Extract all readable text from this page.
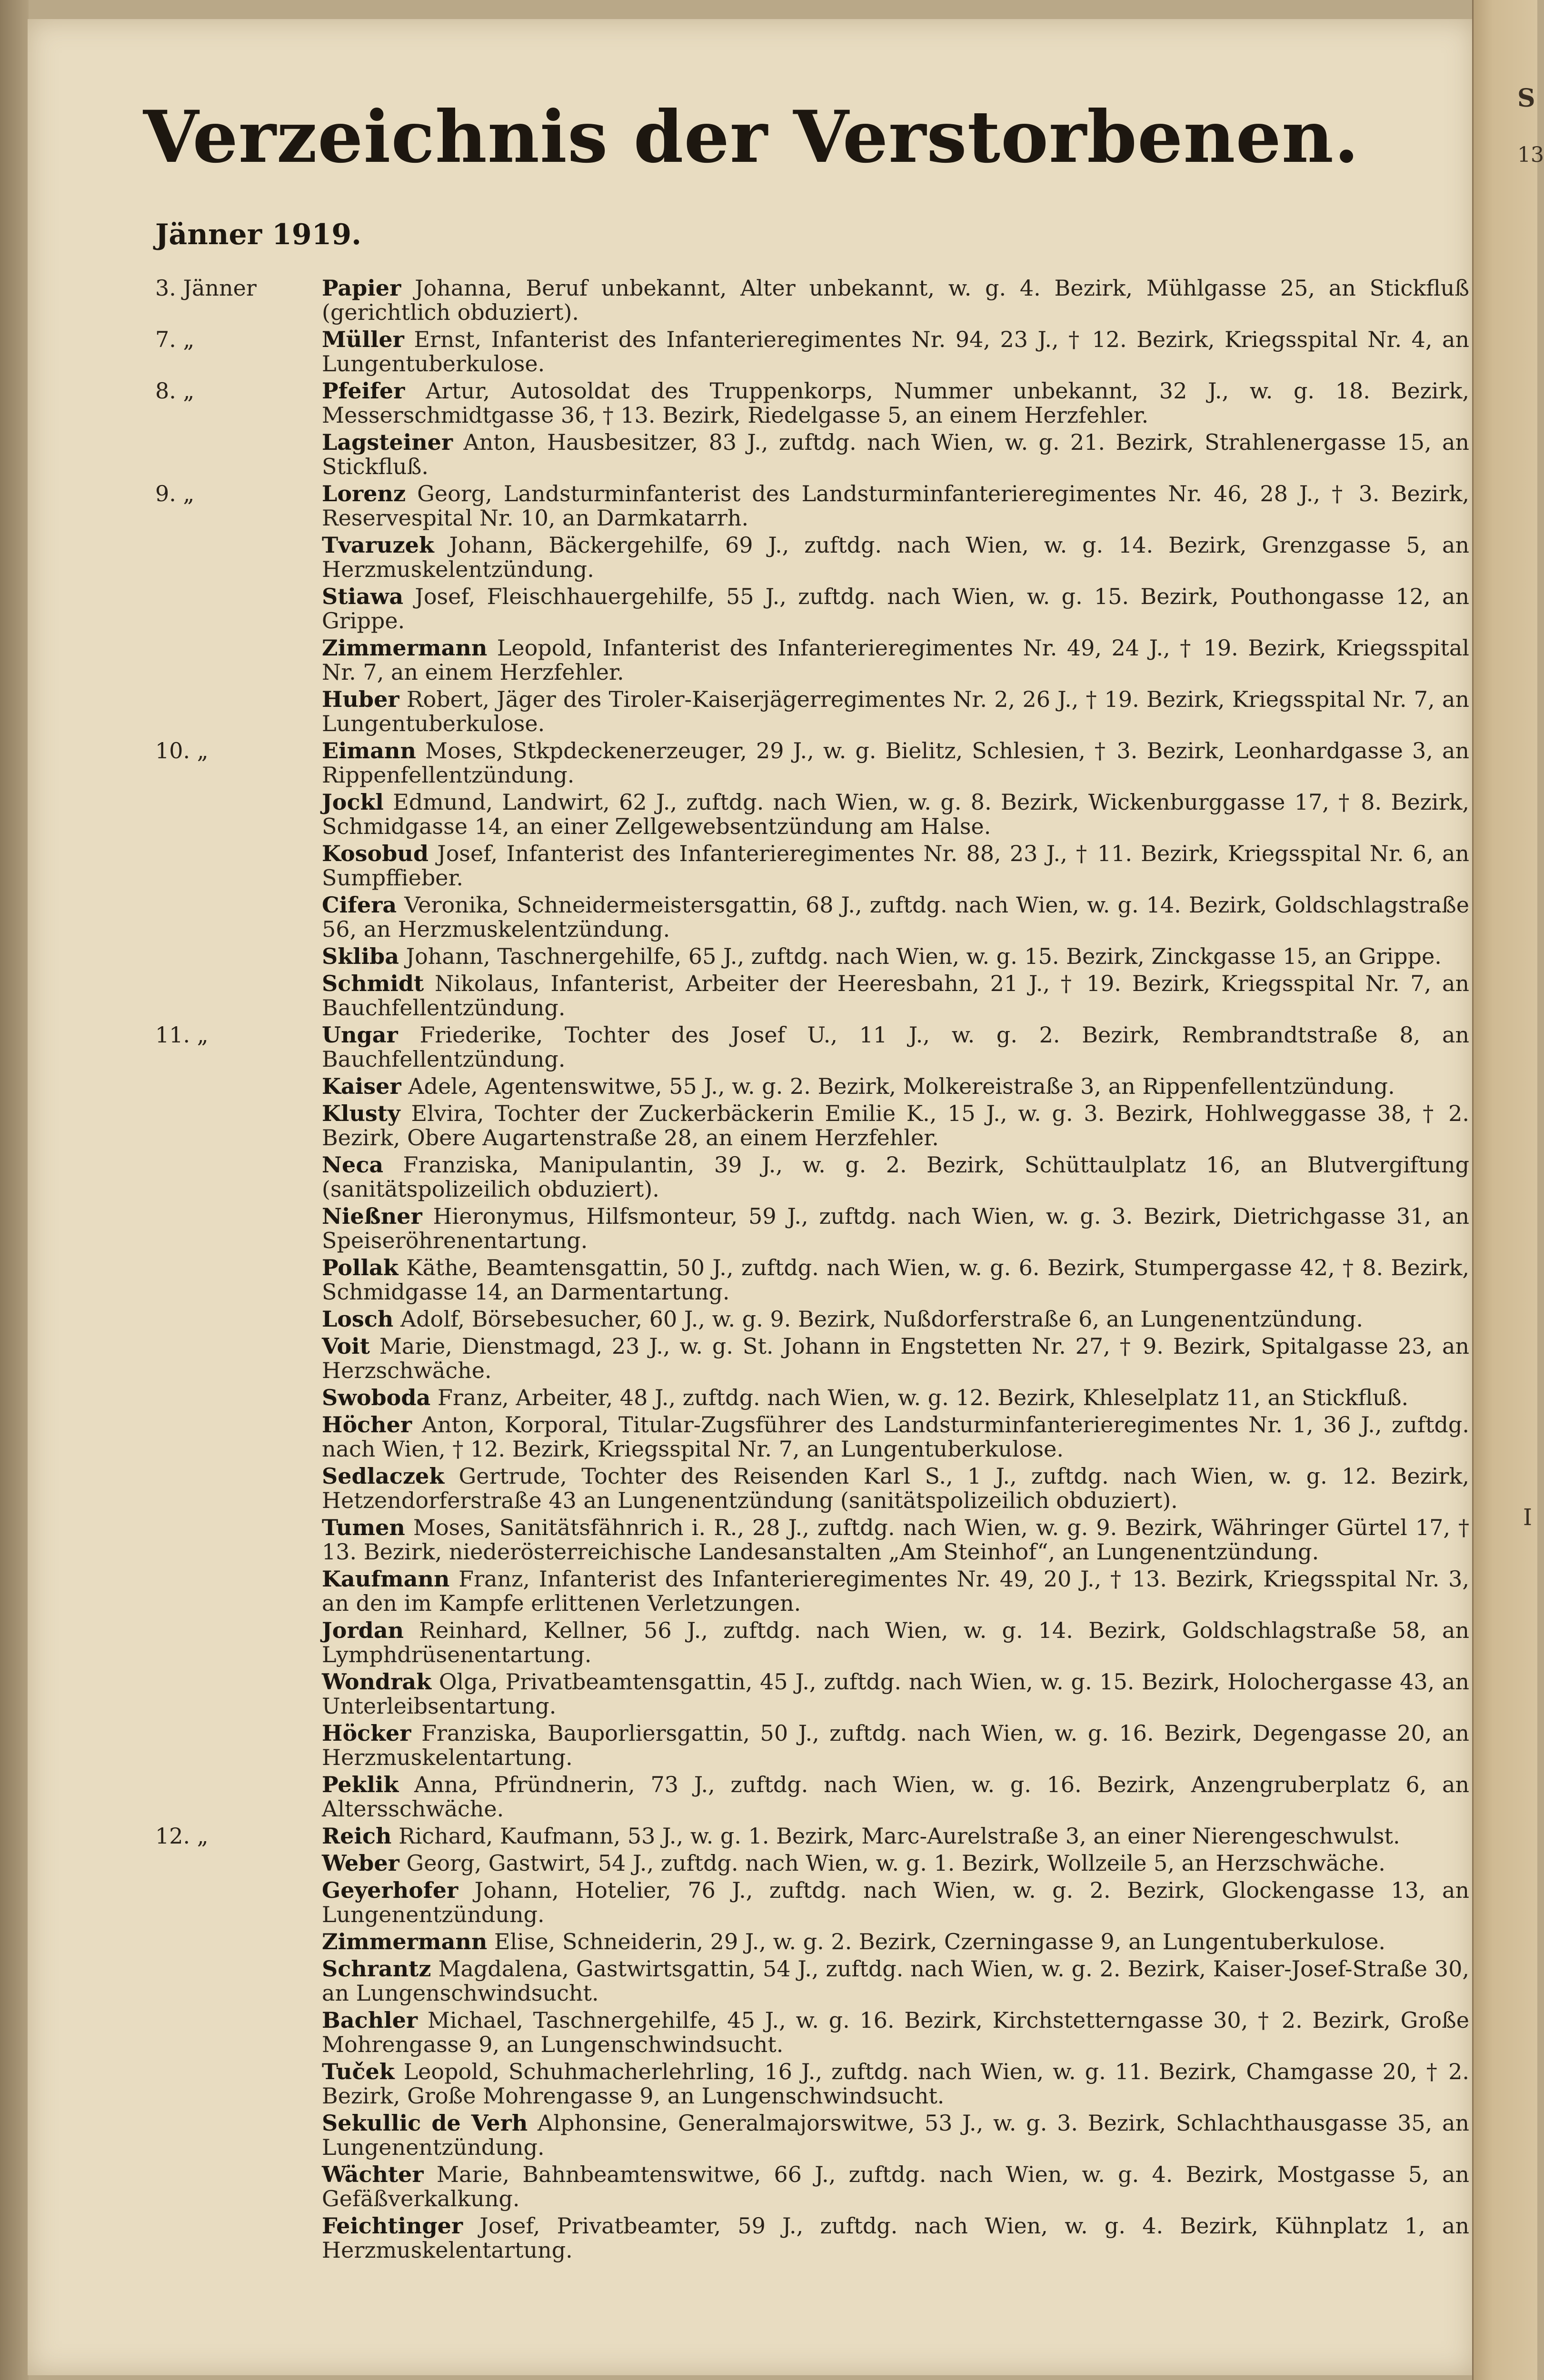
Verzeichnis der Verstorbenen.
Jänner 1919.
3. Jänner	Papier Johanna, Beruf unbekannt, Alter unbekannt, w. g. 4. Bezirk, Mühlgasse 25, an Stickfluß (gerichtlich obduziert).
7. „	Müller Ernst, Infanterist des Infanterieregimentes Nr. 94, 23 J., † 12. Bezirk, Kriegsspital Nr. 4, an Lungentuberkulose.
8. „	Pfeifer Artur, Autosoldat des Truppenkorps, Nummer unbekannt, 32 J., w. g. 18. Bezirk, Messerschmidtgasse 36, † 13. Bezirk, Riedelgasse 5, an einem Herzfehler.
Lagsteiner Anton, Hausbesitzer, 83 J., zuftdg. nach Wien, w. g. 21. Bezirk, Strahlenergasse 15, an Stickfluß.
9. „	Lorenz Georg, Landsturminfanterist des Landsturminfanterieregimentes Nr. 46, 28 J., † 3. Bezirk, Reservespital Nr. 10, an Darmkatarrh.
Tvaruzek Johann, Bäckergehilfe, 69 J., zuftdg. nach Wien, w. g. 14. Bezirk, Grenzgasse 5, an Herzmuskelentzündung.
Stiawa Josef, Fleischhauergehilfe, 55 J., zuftdg. nach Wien, w. g. 15. Bezirk, Pouthongasse 12, an Grippe.
Zimmermann Leopold, Infanterist des Infanterieregimentes Nr. 49, 24 J., † 19. Bezirk, Kriegsspital Nr. 7, an einem Herzfehler.
Huber Robert, Jäger des Tiroler-Kaiserjägerregimentes Nr. 2, 26 J., † 19. Bezirk, Kriegsspital Nr. 7, an Lungentuberkulose.
10. „	Eimann Moses, Stkpdeckenerzeuger, 29 J., w. g. Bielitz, Schlesien, † 3. Bezirk, Leonhardgasse 3, an Rippenfellentzündung.
Jockl Edmund, Landwirt, 62 J., zuftdg. nach Wien, w. g. 8. Bezirk, Wickenburggasse 17, † 8. Bezirk, Schmidgasse 14, an einer Zellgewebsentzündung am Halse.
Kosobud Josef, Infanterist des Infanterieregimentes Nr. 88, 23 J., † 11. Bezirk, Kriegsspital Nr. 6, an Sumpffieber.
Cifera Veronika, Schneidermeistersgattin, 68 J., zuftdg. nach Wien, w. g. 14. Bezirk, Goldschlagstraße 56, an Herzmuskelentzündung.
Skliba Johann, Taschnergehilfe, 65 J., zuftdg. nach Wien, w. g. 15. Bezirk, Zinckgasse 15, an Grippe.
Schmidt Nikolaus, Infanterist, Arbeiter der Heeresbahn, 21 J., † 19. Bezirk, Kriegsspital Nr. 7, an Bauchfellentzündung.
11. „	Ungar Friederike, Tochter des Josef U., 11 J., w. g. 2. Bezirk, Rembrandtstraße 8, an Bauchfellentzündung.
Kaiser Adele, Agentenswitwe, 55 J., w. g. 2. Bezirk, Molkereistraße 3, an Rippenfellentzündung.
Klusty Elvira, Tochter der Zuckerbäckerin Emilie K., 15 J., w. g. 3. Bezirk, Hohlweggasse 38, † 2. Bezirk, Obere Augartenstraße 28, an einem Herzfehler.
Neca Franziska, Manipulantin, 39 J., w. g. 2. Bezirk, Schüttaulplatz 16, an Blutvergiftung (sanitätspolizeilich obduziert).
Nießner Hieronymus, Hilfsmonteur, 59 J., zuftdg. nach Wien, w. g. 3. Bezirk, Dietrichgasse 31, an Speiseröhrenentartung.
Pollak Käthe, Beamtensgattin, 50 J., zuftdg. nach Wien, w. g. 6. Bezirk, Stumpergasse 42, † 8. Bezirk, Schmidgasse 14, an Darmentartung.
Losch Adolf, Börsebesucher, 60 J., w. g. 9. Bezirk, Nußdorferstraße 6, an Lungenentzündung.
Voit Marie, Dienstmagd, 23 J., w. g. St. Johann in Engstetten Nr. 27, † 9. Bezirk, Spitalgasse 23, an Herzschwäche.
Swoboda Franz, Arbeiter, 48 J., zuftdg. nach Wien, w. g. 12. Bezirk, Khleselplatz 11, an Stickfluß.
Höcher Anton, Korporal, Titular-Zugsführer des Landsturminfanterieregimentes Nr. 1, 36 J., zuftdg. nach Wien, † 12. Bezirk, Kriegsspital Nr. 7, an Lungentuberkulose.
Sedlaczek Gertrude, Tochter des Reisenden Karl S., 1 J., zuftdg. nach Wien, w. g. 12. Bezirk, Hetzendorferstraße 43 an Lungenentzündung (sanitätspolizeilich obduziert).
Tumen Moses, Sanitätsfähnrich i. R., 28 J., zuftdg. nach Wien, w. g. 9. Bezirk, Währinger Gürtel 17, † 13. Bezirk, niederösterreichische Landesanstalten „Am Steinhof“, an Lungenentzündung.
Kaufmann Franz, Infanterist des Infanterieregimentes Nr. 49, 20 J., † 13. Bezirk, Kriegsspital Nr. 3, an den im Kampfe erlittenen Verletzungen.
Jordan Reinhard, Kellner, 56 J., zuftdg. nach Wien, w. g. 14. Bezirk, Goldschlagstraße 58, an Lymphdrüsenentartung.
Wondrak Olga, Privatbeamtensgattin, 45 J., zuftdg. nach Wien, w. g. 15. Bezirk, Holochergasse 43, an Unterleibsentartung.
Höcker Franziska, Bauporliersgattin, 50 J., zuftdg. nach Wien, w. g. 16. Bezirk, Degengasse 20, an Herzmuskelentartung.
Peklik Anna, Pfründnerin, 73 J., zuftdg. nach Wien, w. g. 16. Bezirk, Anzengruberplatz 6, an Altersschwäche.
12. „	Reich Richard, Kaufmann, 53 J., w. g. 1. Bezirk, Marc-Aurelstraße 3, an einer Nierengeschwulst.
Weber Georg, Gastwirt, 54 J., zuftdg. nach Wien, w. g. 1. Bezirk, Wollzeile 5, an Herzschwäche.
Geyerhofer Johann, Hotelier, 76 J., zuftdg. nach Wien, w. g. 2. Bezirk, Glockengasse 13, an Lungenentzündung.
Zimmermann Elise, Schneiderin, 29 J., w. g. 2. Bezirk, Czerningasse 9, an Lungentuberkulose.
Schrantz Magdalena, Gastwirtsgattin, 54 J., zuftdg. nach Wien, w. g. 2. Bezirk, Kaiser-Josef-Straße 30, an Lungenschwindsucht.
Bachler Michael, Taschnergehilfe, 45 J., w. g. 16. Bezirk, Kirchstetterngasse 30, † 2. Bezirk, Große Mohrengasse 9, an Lungenschwindsucht.
Tuček Leopold, Schuhmacherlehrling, 16 J., zuftdg. nach Wien, w. g. 11. Bezirk, Chamgasse 20, † 2. Bezirk, Große Mohrengasse 9, an Lungenschwindsucht.
Sekullic de Verh Alphonsine, Generalmajorswitwe, 53 J., w. g. 3. Bezirk, Schlachthausgasse 35, an Lungenentzündung.
Wächter Marie, Bahnbeamtenswitwe, 66 J., zuftdg. nach Wien, w. g. 4. Bezirk, Mostgasse 5, an Gefäßverkalkung.
Feichtinger Josef, Privatbeamter, 59 J., zuftdg. nach Wien, w. g. 4. Bezirk, Kühnplatz 1, an Herzmuskelentartung.
S
13
I
